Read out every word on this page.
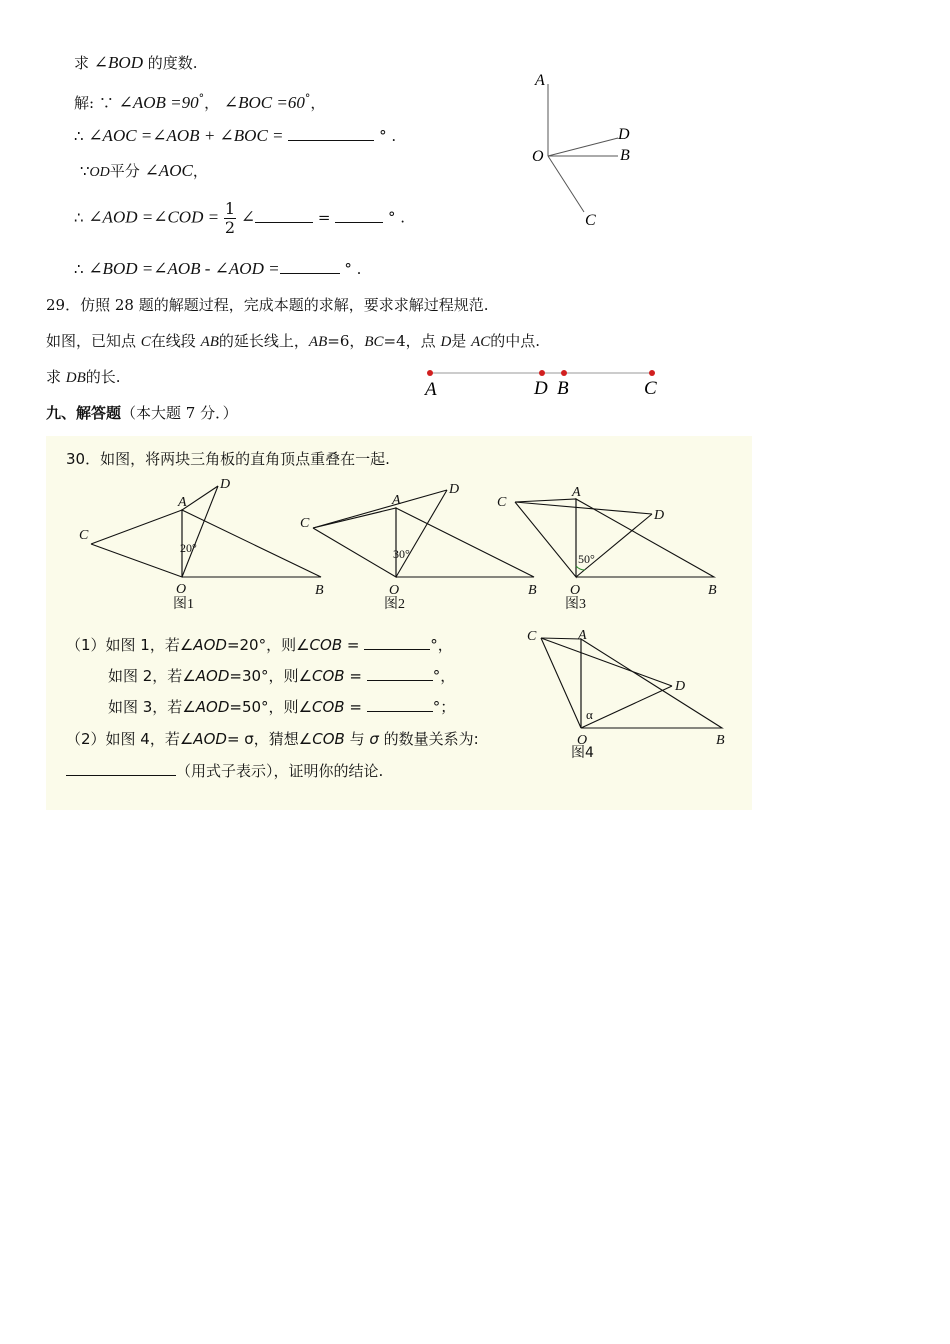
求 ∠BOD 的度数.
解: ∵ ∠AOB =90°， ∠BOC =60°，
∴ ∠AOC =∠AOB + ∠BOC =	° .
∵OD平分 ∠AOC，
∴ ∠AOD =∠COD = $\frac{1}{2}$ ∠	=	° .
∴ ∠BOD =∠AOB - ∠AOD =	° .
A
D
O	B
C
29．仿照 28 题的解题过程，完成本题的求解，要求求解过程规范.
如图，已知点 C在线段 AB的延长线上，AB=6，BC=4，点 D是 AC的中点.
求 DB的长.
A	D B	C
九、解答题（本大题 7 分．）
30．如图，将两块三角板的直角顶点重叠在一起.
A
D
C
O	B
A
D
C
O	B
A
D
C
O	B
20°	30°	50°
图1	图2	图3
A
C
D
O	B
α
图4
（1）如图 1，若∠AOD=20°，则∠COB =	°，
如图 2，若∠AOD=30°，则∠COB =	°，
如图 3，若∠AOD=50°，则∠COB =	°；
（2）如图 4，若∠AOD= σ，猜想∠COB 与 σ 的数量关系为:
（用式子表示），证明你的结论.
